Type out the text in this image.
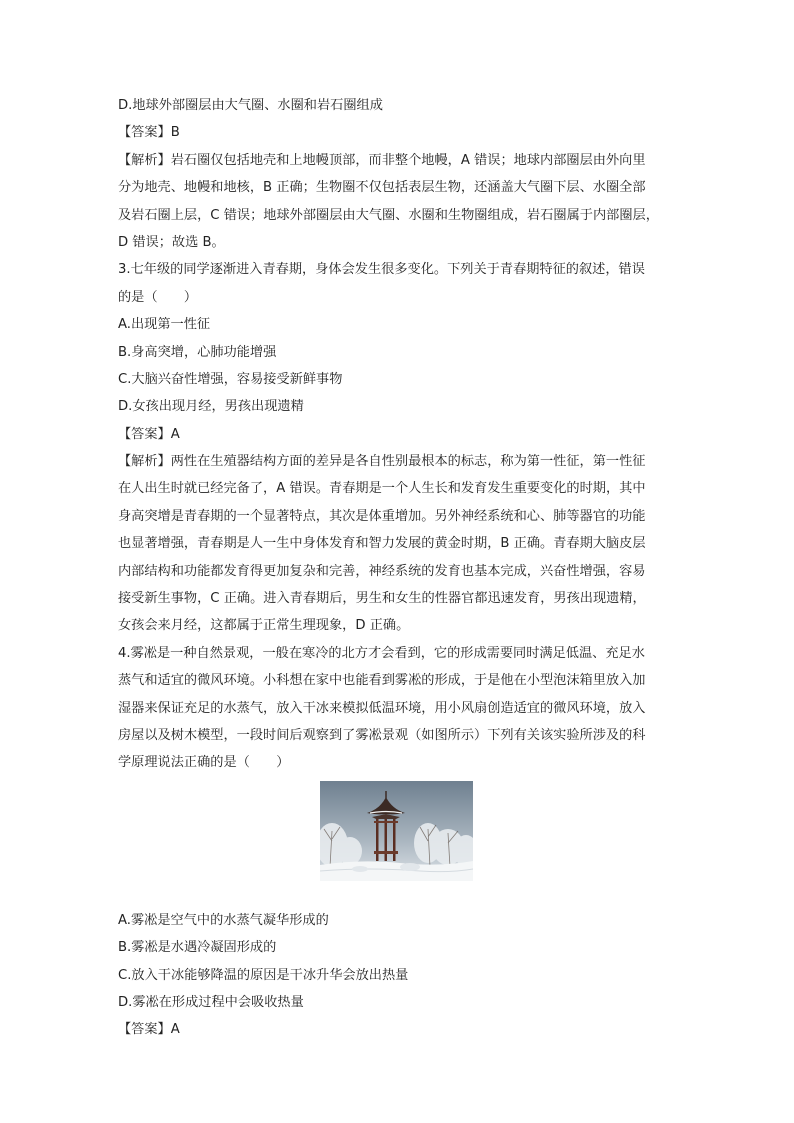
D.地球外部圈层由大气圈、水圈和岩石圈组成
【答案】B
【解析】岩石圈仅包括地壳和上地幔顶部，而非整个地幔，A 错误；地球内部圈层由外向里
分为地壳、地幔和地核，B 正确；生物圈不仅包括表层生物，还涵盖大气圈下层、水圈全部
及岩石圈上层，C 错误；地球外部圈层由大气圈、水圈和生物圈组成，岩石圈属于内部圈层，
D 错误；故选 B。
3.七年级的同学逐渐进入青春期，身体会发生很多变化。下列关于青春期特征的叙述，错误
的是（　　）
A.出现第一性征
B.身高突增，心肺功能增强
C.大脑兴奋性增强，容易接受新鲜事物
D.女孩出现月经，男孩出现遗精
【答案】A
【解析】两性在生殖器结构方面的差异是各自性别最根本的标志，称为第一性征，第一性征
在人出生时就已经完备了，A 错误。青春期是一个人生长和发育发生重要变化的时期，其中
身高突增是青春期的一个显著特点，其次是体重增加。另外神经系统和心、肺等器官的功能
也显著增强，青春期是人一生中身体发育和智力发展的黄金时期，B 正确。青春期大脑皮层
内部结构和功能都发育得更加复杂和完善，神经系统的发育也基本完成，兴奋性增强，容易
接受新生事物，C 正确。进入青春期后，男生和女生的性器官都迅速发育，男孩出现遗精，
女孩会来月经，这都属于正常生理现象，D 正确。
4.雾凇是一种自然景观，一般在寒冷的北方才会看到，它的形成需要同时满足低温、充足水
蒸气和适宜的微风环境。小科想在家中也能看到雾凇的形成，于是他在小型泡沫箱里放入加
湿器来保证充足的水蒸气，放入干冰来模拟低温环境，用小风扇创造适宜的微风环境，放入
房屋以及树木模型，一段时间后观察到了雾凇景观（如图所示）下列有关该实验所涉及的科
学原理说法正确的是（　　）
A.雾凇是空气中的水蒸气凝华形成的
B.雾凇是水遇冷凝固形成的
C.放入干冰能够降温的原因是干冰升华会放出热量
D.雾凇在形成过程中会吸收热量
【答案】A
